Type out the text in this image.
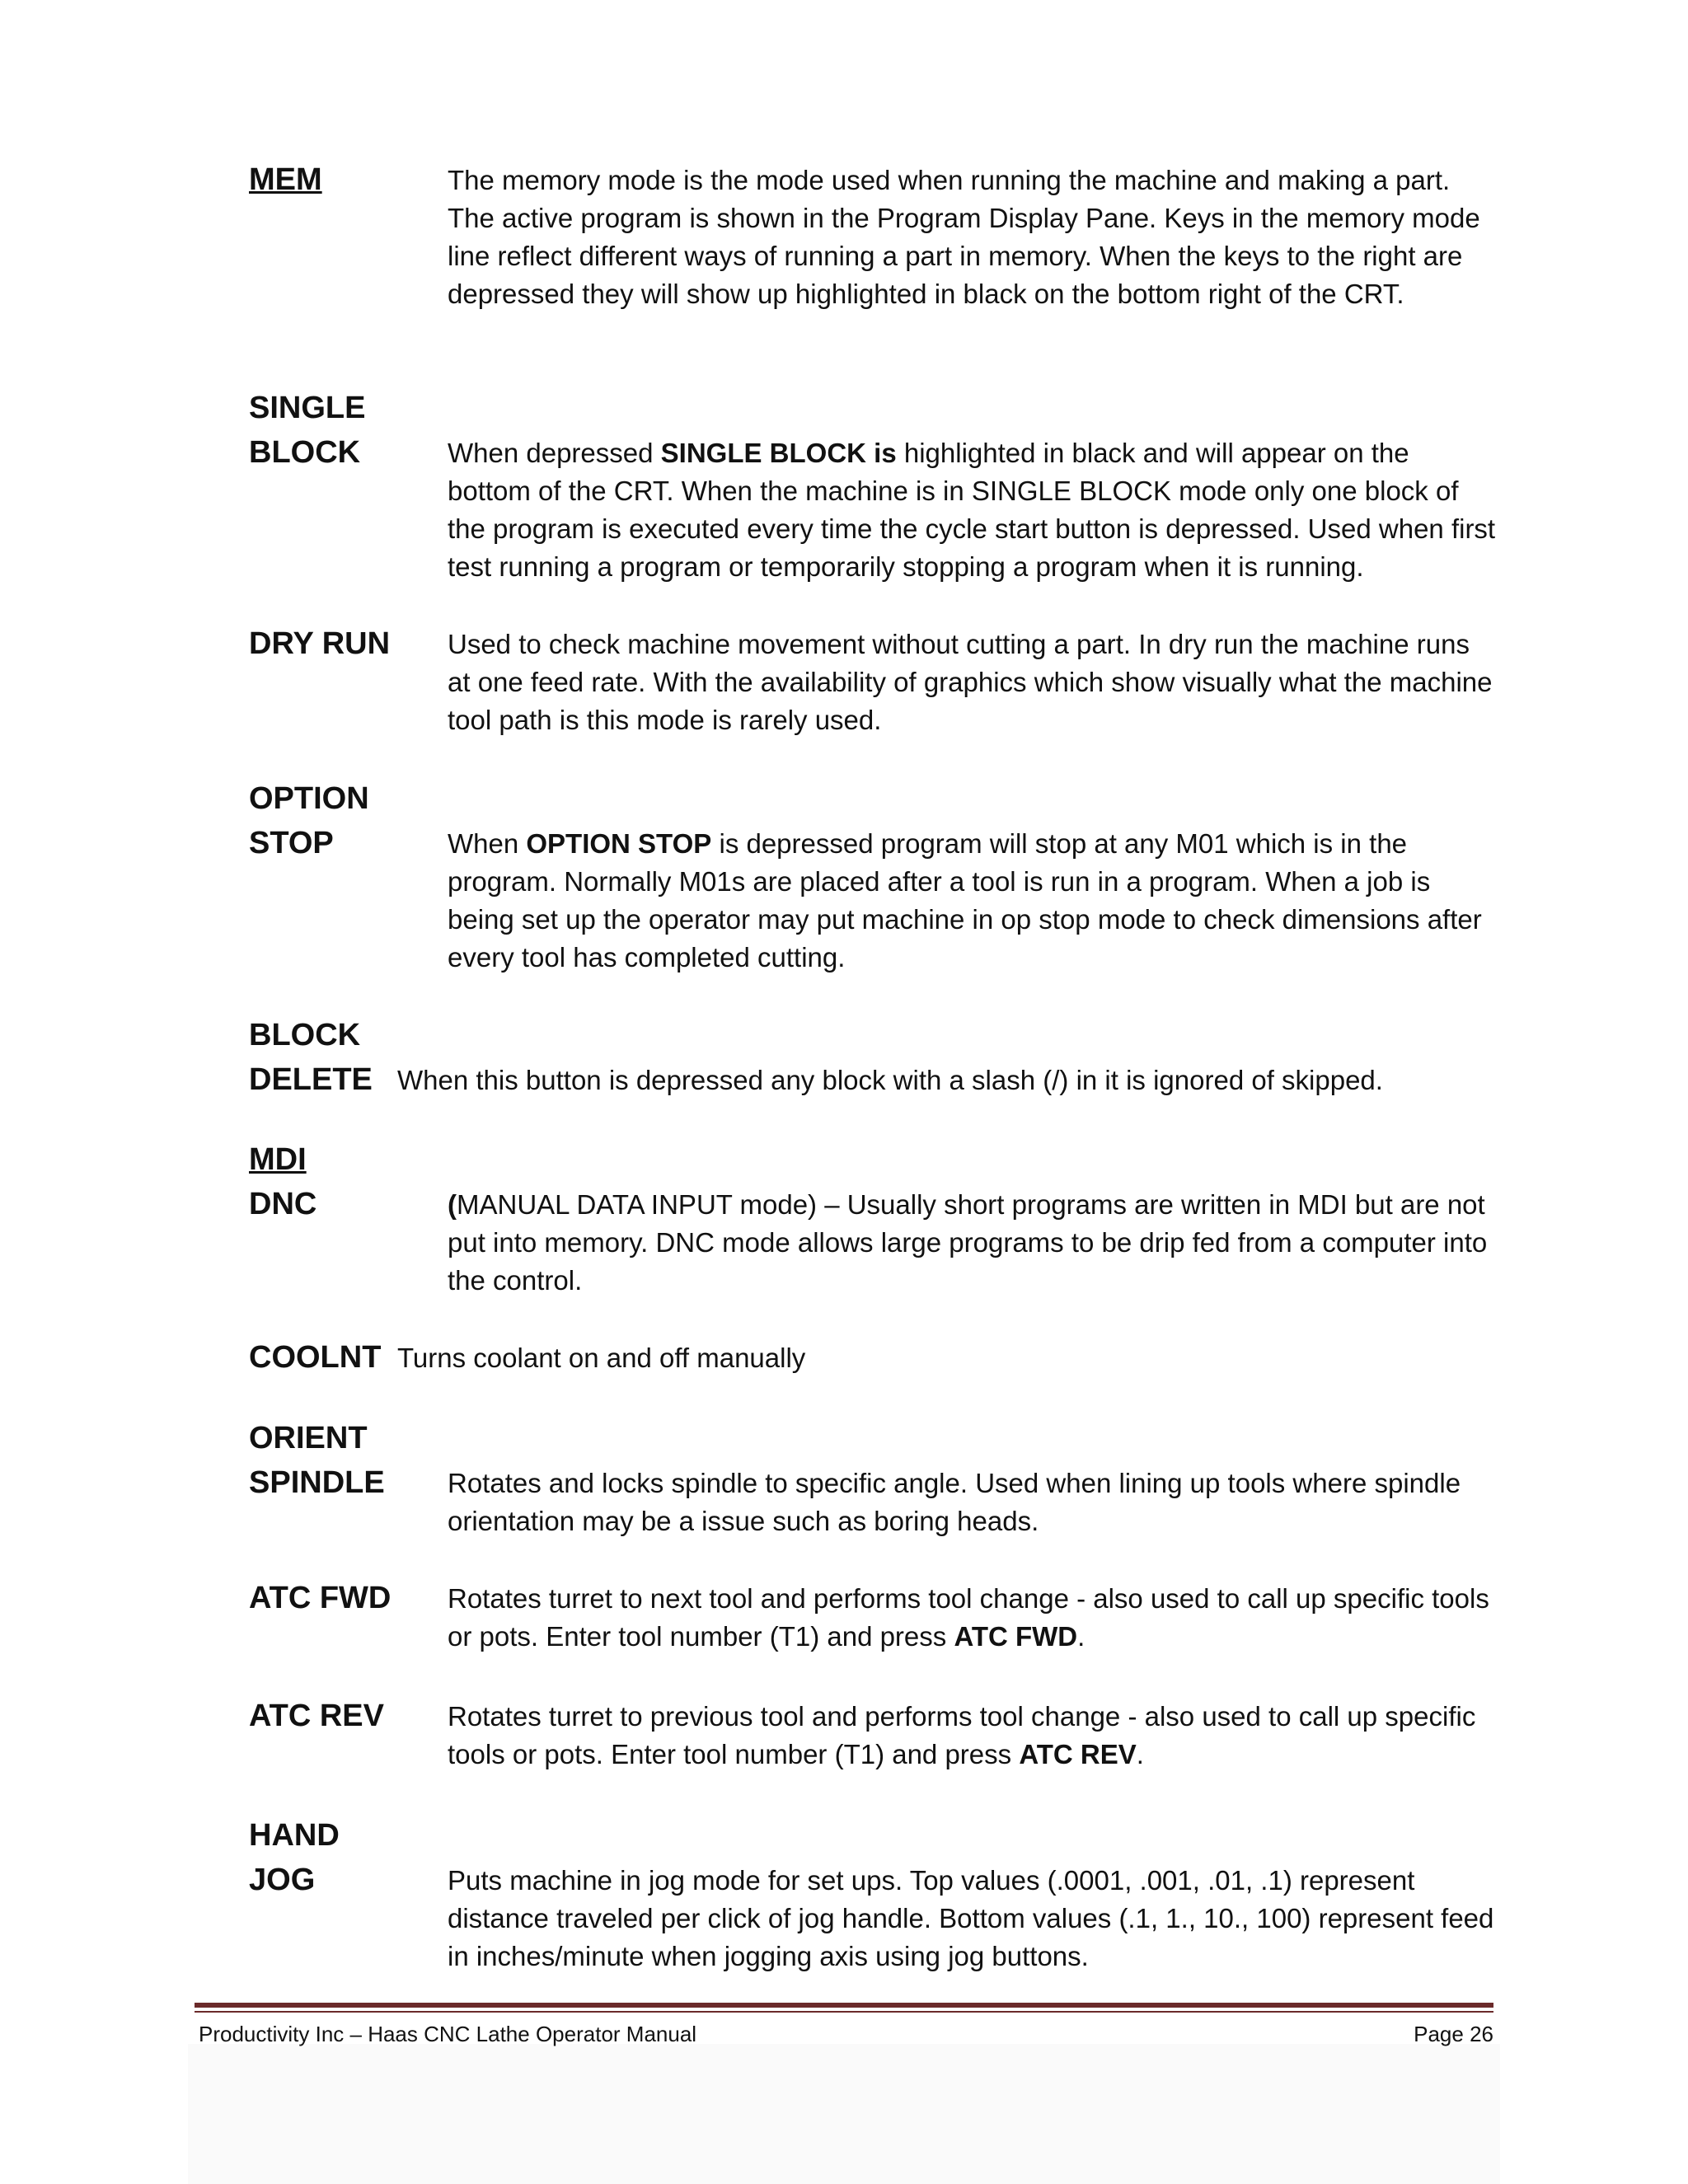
MEM	The memory mode is the mode used when running the machine and making a part. The active program is shown in the Program Display Pane. Keys in the memory mode line reflect different ways of running a part in memory. When the keys to the right are depressed they will show up highlighted in black on the bottom right of the CRT.
SINGLE
BLOCK	When depressed SINGLE BLOCK is highlighted in black and will appear on the bottom of the CRT. When the machine is in SINGLE BLOCK mode only one block of the program is executed every time the cycle start button is depressed. Used when first test running a program or temporarily stopping a program when it is running.
DRY RUN Used to check machine movement without cutting a part. In dry run the machine runs at one feed rate. With the availability of graphics which show visually what the machine tool path is this mode is rarely used.
OPTION
STOP	When OPTION STOP is depressed program will stop at any M01 which is in the program. Normally M01s are placed after a tool is run in a program. When a job is being set up the operator may put machine in op stop mode to check dimensions after every tool has completed cutting.
BLOCK
DELETE When this button is depressed any block with a slash (/) in it is ignored of skipped.
MDI
DNC	(MANUAL DATA INPUT mode) – Usually short programs are written in MDI but are not put into memory. DNC mode allows large programs to be drip fed from a computer into the control.
COOLNT Turns coolant on and off manually
ORIENT
SPINDLE Rotates and locks spindle to specific angle. Used when lining up tools where spindle orientation may be a issue such as boring heads.
ATC FWD Rotates turret to next tool and performs tool change - also used to call up specific tools or pots. Enter tool number (T1) and press ATC FWD.
ATC REV Rotates turret to previous tool and performs tool change - also used to call up specific tools or pots. Enter tool number (T1) and press ATC REV.
HAND
JOG	Puts machine in jog mode for set ups. Top values (.0001, .001, .01, .1) represent distance traveled per click of jog handle. Bottom values (.1, 1., 10., 100) represent feed in inches/minute when jogging axis using jog buttons.
Productivity Inc – Haas CNC Lathe Operator Manual	Page 26
